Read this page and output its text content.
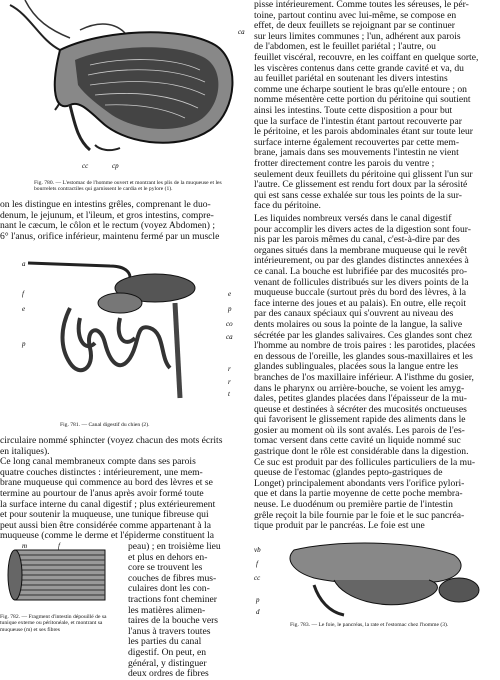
cc	cp
ca
Fig. 780. — L'estomac de l'homme ouvert et montrant les plis de la muqueuse et les bourrelets contractiles qui garnissent le cardia et le pylore (1).
on les distingue en intestins grêles, comprenant le duo-
denum, le jejunum, et l'ileum, et gros intestins, compre-
nant le cæcum, le côlon et le rectum (voyez Abdomen) ;
6° l'anus, orifice inférieur, maintenu fermé par un muscle
a
f
e
p
e
p
co
ca
r
r
t
Fig. 781. — Canal digestif du chien (2).
circulaire nommé sphincter (voyez chacun des mots écrits
en italiques).
Ce long canal membraneux compte dans ses parois
quatre couches distinctes : intérieurement, une mem-
brane muqueuse qui commence au bord des lèvres et se
termine au pourtour de l'anus après avoir formé toute
la surface interne du canal digestif ; plus extérieurement
et pour soutenir la muqueuse, une tunique fibreuse qui
peut aussi bien être considérée comme appartenant à la
muqueuse (comme le derme et l'épiderme constituent la
m	f
Fig. 782. — Fragment d'intestin dépouillé de sa tunique externe ou péritonéale, et montrant sa muqueuse (m) et ses fibres
peau) ; en troisième lieu
et plus en dehors en-
core se trouvent les
couches de fibres mus-
culaires dont les con-
tractions font cheminer
les matières alimen-
taires de la bouche vers
l'anus à travers toutes
les parties du canal
digestif. On peut, en
général, y distinguer
deux ordres de fibres
pisse intérieurement. Comme toutes les séreuses, le pér-
toine, partout continu avec lui-même, se compose en
effet, de deux feuillets se rejoignant par se continuer
sur leurs limites communes ; l'un, adhérent aux parois
de l'abdomen, est le feuillet pariétal ; l'autre, ou
feuillet viscéral, recouvre, en les coiffant en quelque sorte,
les viscères contenus dans cette grande cavité et va, du
au feuillet pariétal en soutenant les divers intestins
comme une écharpe soutient le bras qu'elle entoure ; on
nomme mésentère cette portion du péritoine qui soutient
ainsi les intestins. Toute cette disposition a pour but
que la surface de l'intestin étant partout recouverte par
le péritoine, et les parois abdominales étant sur toute leur
surface interne également recouvertes par cette mem-
brane, jamais dans ses mouvements l'intestin ne vient
frotter directement contre les parois du ventre ;
seulement deux feuillets du péritoine qui glissent l'un sur
l'autre. Ce glissement est rendu fort doux par la sérosité
qui est sans cesse exhalée sur tous les points de la sur-
face du péritoine.
Les liquides nombreux versés dans le canal digestif
pour accomplir les divers actes de la digestion sont four-
nis par les parois mêmes du canal, c'est-à-dire par des
organes situés dans la membrane muqueuse qui le revêt
intérieurement, ou par des glandes distinctes annexées à
ce canal. La bouche est lubrifiée par des mucosités pro-
venant de follicules distribués sur les divers points de la
muqueuse buccale (surtout près du bord des lèvres, à la
face interne des joues et au palais). En outre, elle reçoit
par des canaux spéciaux qui s'ouvrent au niveau des
dents molaires ou sous la pointe de la langue, la salive
sécrétée par les glandes salivaires. Ces glandes sont chez
l'homme au nombre de trois paires : les parotides, placées
en dessous de l'oreille, les glandes sous-maxillaires et les
glandes sublinguales, placées sous la langue entre les
branches de l'os maxillaire inférieur. A l'isthme du gosier,
dans le pharynx ou arrière-bouche, se voient les amyg-
dales, petites glandes placées dans l'épaisseur de la mu-
queuse et destinées à sécréter des mucosités onctueuses
qui favorisent le glissement rapide des aliments dans le
gosier au moment où ils sont avalés. Les parois de l'es-
tomac versent dans cette cavité un liquide nommé suc
gastrique dont le rôle est considérable dans la digestion.
Ce suc est produit par des follicules particuliers de la mu-
queuse de l'estomac (glandes pepto-gastriques de
Longet) principalement abondants vers l'orifice pylori-
que et dans la partie moyenne de cette poche membra-
neuse. Le duodénum ou première partie de l'intestin
grêle reçoit la bile fournie par le foie et le suc pancréa-
tique produit par le pancréas. Le foie est une
vb
f
cc
p
d
Fig. 783. — Le foie, le pancréas, la rate et l'estomac chez l'homme (3).
